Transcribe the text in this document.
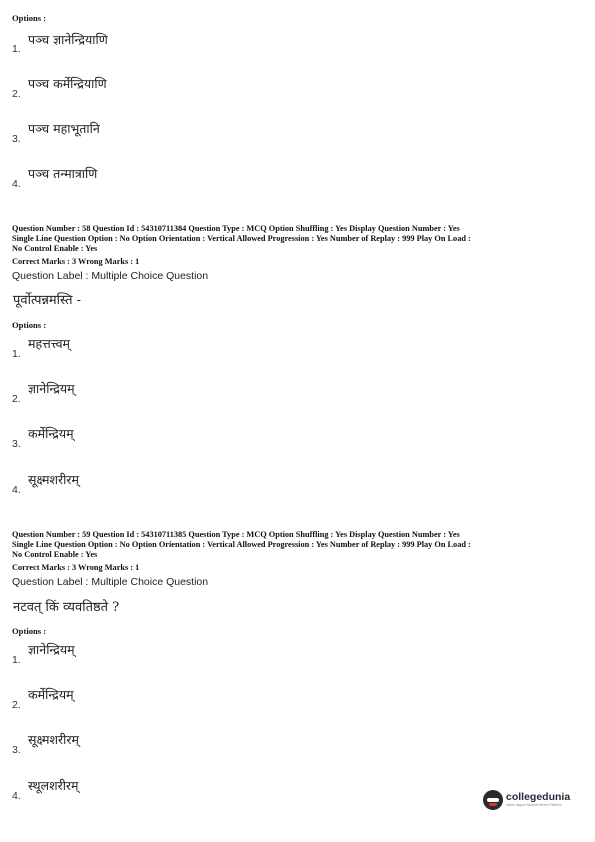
Options :
1.
पञ्च ज्ञानेन्द्रियाणि
2.
पञ्च कर्मेन्द्रियाणि
3.
पञ्च महाभूतानि
4.
पञ्च तन्मात्राणि
Question Number : 58 Question Id : 54310711384 Question Type : MCQ Option Shuffling : Yes Display Question Number : Yes
Single Line Question Option : No Option Orientation : Vertical Allowed Progression : Yes Number of Replay : 999 Play On Load :
No Control Enable : Yes
Correct Marks : 3 Wrong Marks : 1
Question Label : Multiple Choice Question
पूर्वोत्पन्नमस्ति -
Options :
1.
महत्तत्त्वम्
2.
ज्ञानेन्द्रियम्
3.
कर्मेन्द्रियम्
4.
सूक्ष्मशरीरम्
Question Number : 59 Question Id : 54310711385 Question Type : MCQ Option Shuffling : Yes Display Question Number : Yes
Single Line Question Option : No Option Orientation : Vertical Allowed Progression : Yes Number of Replay : 999 Play On Load :
No Control Enable : Yes
Correct Marks : 3 Wrong Marks : 1
Question Label : Multiple Choice Question
नटवत् किं व्यवतिष्ठते ?
Options :
1.
ज्ञानेन्द्रियम्
2.
कर्मेन्द्रियम्
3.
सूक्ष्मशरीरम्
4.
स्थूलशरीरम्
collegedunia
India's largest Student Review Platform
